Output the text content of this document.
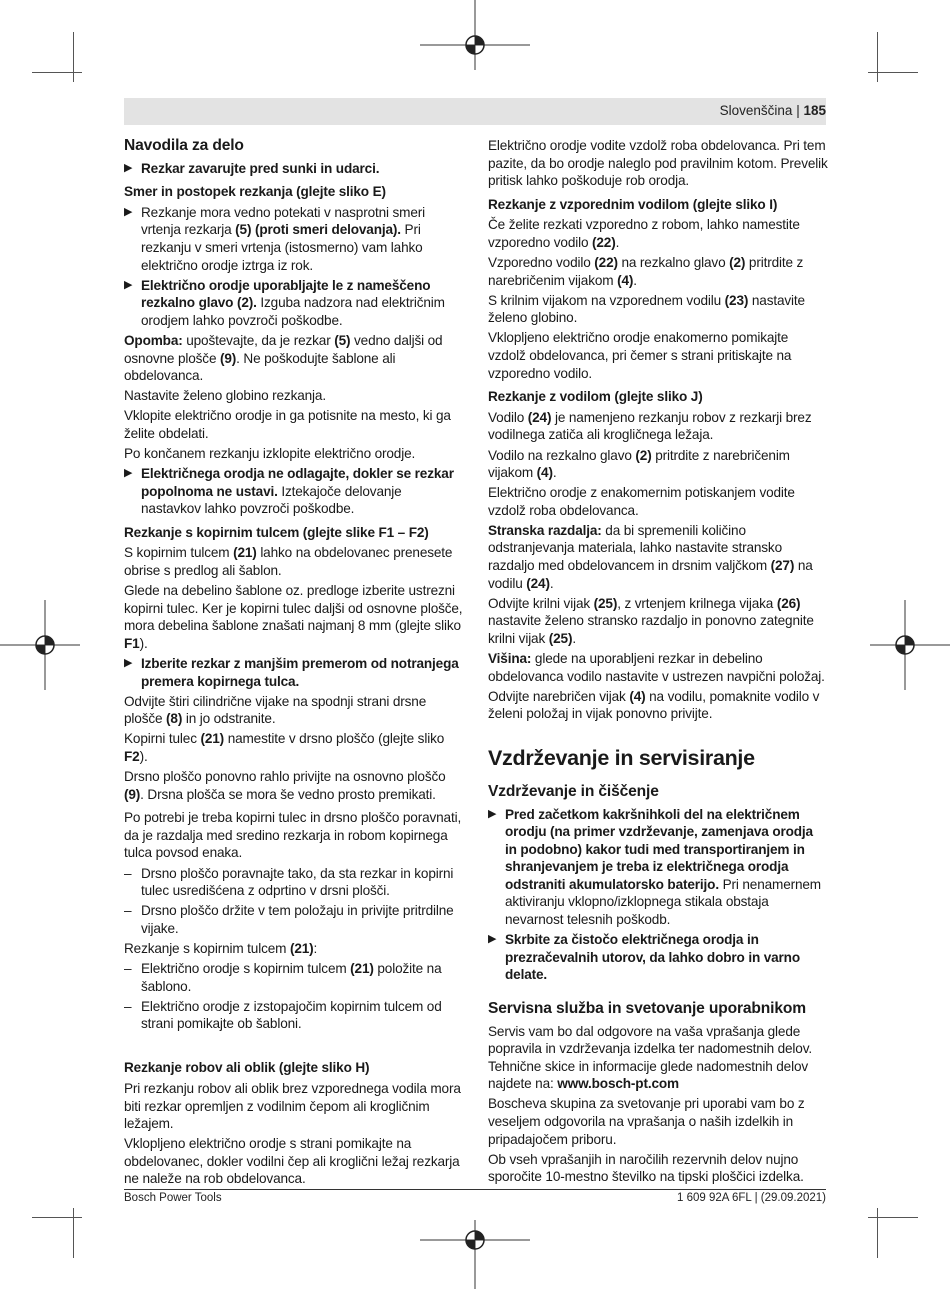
Slovenščina | 185
Navodila za delo
▶ Rezkar zavarujte pred sunki in udarci.
Smer in postopek rezkanja (glejte sliko E)
▶ Rezkanje mora vedno potekati v nasprotni smeri vrtenja rezkarja (5) (proti smeri delovanja). Pri rezkanju v smeri vrtenja (istosmerno) vam lahko električno orodje iztrga iz rok.
▶ Električno orodje uporabljajte le z nameščeno rezkalno glavo (2). Izguba nadzora nad električnim orodjem lahko povzroči poškodbe.

Opomba: upoštevajte, da je rezkar (5) vedno daljši od osnovne plošče (9). Ne poškodujte šablone ali obdelovanca.

Nastavite želeno globino rezkanja.

Vklopite električno orodje in ga potisnite na mesto, ki ga želite obdelati.

Po končanem rezkanju izklopite električno orodje.

▶ Električnega orodja ne odlagajte, dokler se rezkar popolnoma ne ustavi. Iztekajoče delovanje nastavkov lahko povzroči poškodbe.
Rezkanje s kopirnim tulcem (glejte slike F1 – F2)

S kopirnim tulcem (21) lahko na obdelovanec prenesete obrise s predlog ali šablon.

Glede na debelino šablone oz. predloge izberite ustrezni kopirni tulec. Ker je kopirni tulec daljši od osnovne plošče, mora debelina šablone znašati najmanj 8 mm (glejte sliko F1).

▶ Izberite rezkar z manjšim premerom od notranjega premera kopirnega tulca.

Odvijte štiri cilindrične vijake na spodnji strani drsne plošče (8) in jo odstranite.

Kopirni tulec (21) namestite v drsno ploščo (glejte sliko F2).

Drsno ploščo ponovno rahlo privijte na osnovno ploščo (9). Drsna plošča se mora še vedno prosto premikati.

Po potrebi je treba kopirni tulec in drsno ploščo poravnati, da je razdalja med sredino rezkarja in robom kopirnega tulca povsod enaka.

– Drsno ploščo poravnajte tako, da sta rezkar in kopirni tulec usredišćena z odprtino v drsni plošči.
– Drsno ploščo držite v tem položaju in privijte pritrdilne vijake.

Rezkanje s kopirnim tulcem (21):

– Električno orodje s kopirnim tulcem (21) položite na šablono.
– Električno orodje z izstopajočim kopirnim tulcem od strani pomikajte ob šabloni.
Rezkanje robov ali oblik (glejte sliko H)

Pri rezkanju robov ali oblik brez vzporednega vodila mora biti rezkar opremljen z vodilnim čepom ali krogličnim ležajem.

Vklopljeno električno orodje s strani pomikajte na obdelovanec, dokler vodilni čep ali kroglični ležaj rezkarja ne naleže na rob obdelovanca.

Električno orodje vodite vzdolž roba obdelovanca. Pri tem pazite, da bo orodje naleglo pod pravilnim kotom. Prevelik pritisk lahko poškoduje rob orodja.

Rezkanje z vzporednim vodilom (glejte sliko I)

Če želite rezkati vzporedno z robom, lahko namestite vzporedno vodilo (22).

Vzporedno vodilo (22) na rezkalno glavo (2) pritrdite z narebričenim vijakom (4).

S krilnim vijakom na vzporednem vodilu (23) nastavite želeno globino.

Vklopljeno električno orodje enakomerno pomikajte vzdolž obdelovanca, pri čemer s strani pritiskajte na vzporedno vodilo.

Rezkanje z vodilom (glejte sliko J)

Vodilo (24) je namenjeno rezkanju robov z rezkarji brez vodilnega zatiča ali krogličnega ležaja.

Vodilo na rezkalno glavo (2) pritrdite z narebričenim vijakom (4).

Električno orodje z enakomernim potiskanjem vodite vzdolž roba obdelovanca.

Stranska razdalja: da bi spremenili količino odstranjevanja materiala, lahko nastavite stransko razdaljo med obdelovancem in drsnim valjčkom (27) na vodilu (24).

Odvijte krilni vijak (25), z vrtenjem krilnega vijaka (26) nastavite želeno stransko razdaljo in ponovno zategnite krilni vijak (25).

Višina: glede na uporabljeni rezkar in debelino obdelovanca vodilo nastavite v ustrezen navpični položaj.

Odvijte narebričen vijak (4) na vodilu, pomaknite vodilo v želeni položaj in vijak ponovno privijte.

Vzdrževanje in servisiranje
Vzdrževanje in čiščenje
▶ Pred začetkom kakršnihkoli del na električnem orodju (na primer vzdrževanje, zamenjava orodja in podobno) kakor tudi med transportiranjem in shranjevanjem je treba iz električnega orodja odstraniti akumulatorsko baterijo. Pri nenamernem aktiviranju vklopno/izklopnega stikala obstaja nevarnost telesnih poškodb.
▶ Skrbite za čistočo električnega orodja in prezračevalnih utorov, da lahko dobro in varno delate.
Servisna služba in svetovanje uporabnikom

Servis vam bo dal odgovore na vaša vprašanja glede popravila in vzdrževanja izdelka ter nadomestnih delov. Tehnične skice in informacije glede nadomestnih delov najdete na: www.bosch-pt.com

Boscheva skupina za svetovanje pri uporabi vam bo z veseljem odgovorila na vprašanja o naših izdelkih in pripadajočem priboru.

Ob vseh vprašanjih in naročilih rezervnih delov nujno sporočite 10-mestno številko na tipski ploščici izdelka.

Bosch Power Tools	1 609 92A 6FL | (29.09.2021)
